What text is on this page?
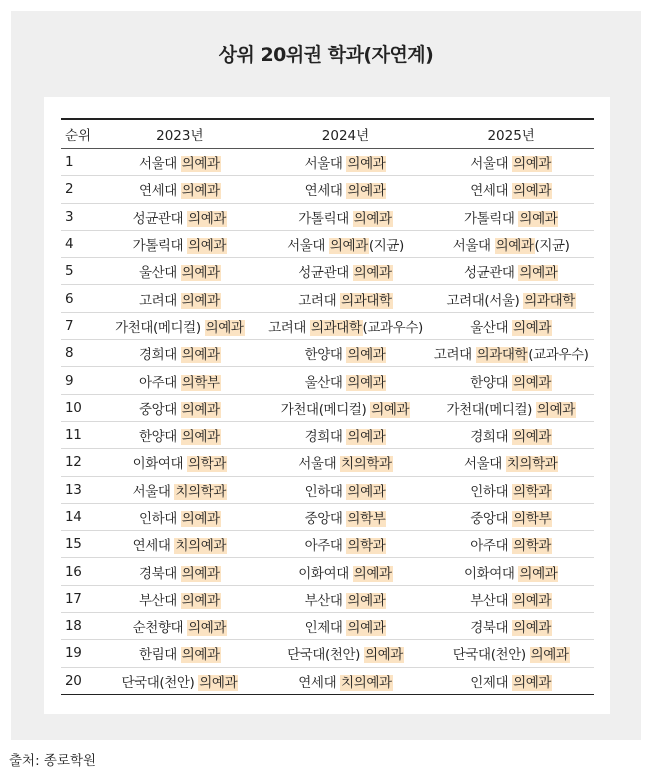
상위 20위권 학과(자연계)
순위	2023년	2024년	2025년
1	서울대 의예과	서울대 의예과	서울대 의예과
2	연세대 의예과	연세대 의예과	연세대 의예과
3	성균관대 의예과	가톨릭대 의예과	가톨릭대 의예과
4	가톨릭대 의예과	서울대 의예과(지균)	서울대 의예과(지균)
5	울산대 의예과	성균관대 의예과	성균관대 의예과
6	고려대 의예과	고려대 의과대학	고려대(서울) 의과대학
7	가천대(메디컬) 의예과	고려대 의과대학(교과우수)	울산대 의예과
8	경희대 의예과	한양대 의예과	고려대 의과대학(교과우수)
9	아주대 의학부	울산대 의예과	한양대 의예과
10	중앙대 의예과	가천대(메디컬) 의예과	가천대(메디컬) 의예과
11	한양대 의예과	경희대 의예과	경희대 의예과
12	이화여대 의학과	서울대 치의학과	서울대 치의학과
13	서울대 치의학과	인하대 의예과	인하대 의학과
14	인하대 의예과	중앙대 의학부	중앙대 의학부
15	연세대 치의예과	아주대 의학과	아주대 의학과
16	경북대 의예과	이화여대 의예과	이화여대 의예과
17	부산대 의예과	부산대 의예과	부산대 의예과
18	순천향대 의예과	인제대 의예과	경북대 의예과
19	한림대 의예과	단국대(천안) 의예과	단국대(천안) 의예과
20	단국대(천안) 의예과	연세대 치의예과	인제대 의예과
출처: 종로학원
